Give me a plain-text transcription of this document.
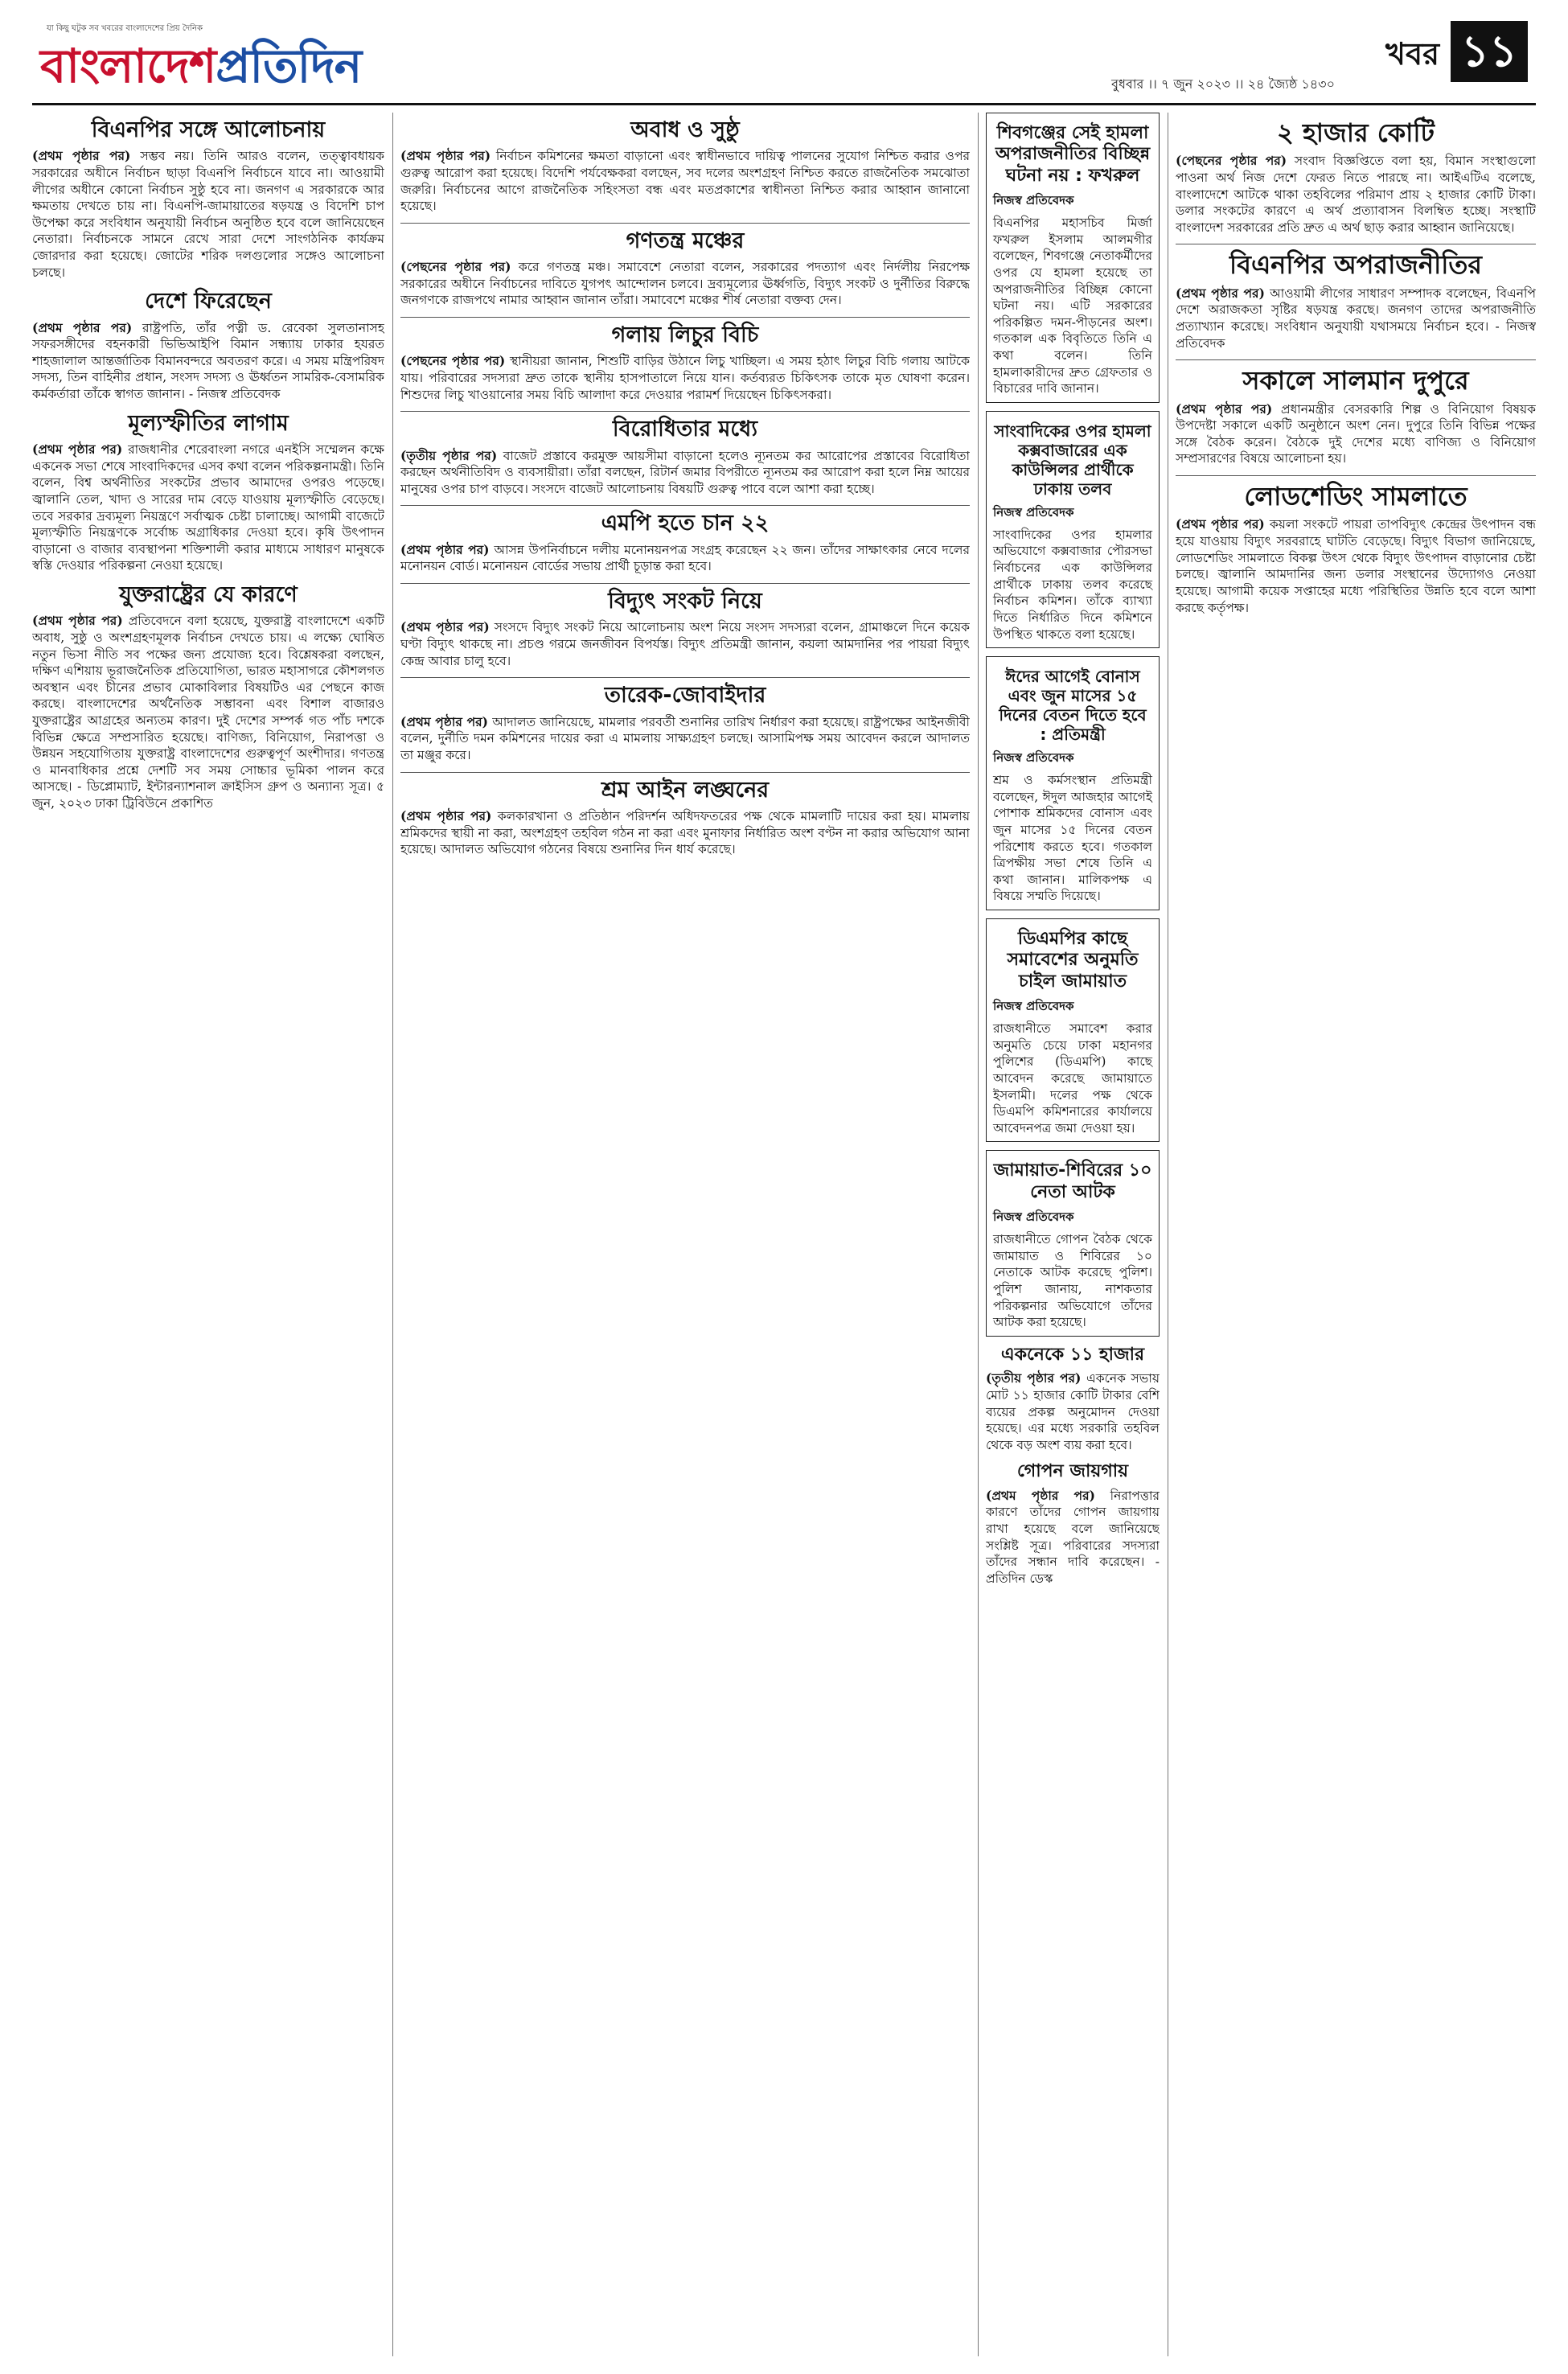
যা কিছু ঘটুক সব খবরের বাংলাদেশের প্রিয় দৈনিক
বাংলাদেশপ্রতিদিন	বুধবার ।। ৭ জুন ২০২৩ ।। ২৪ জ্যৈষ্ঠ ১৪৩০
খবর ১১
বিএনপির সঙ্গে আলোচনায়

(প্রথম পৃষ্ঠার পর) সম্ভব নয়। তিনি আরও বলেন, তত্ত্বাবধায়ক সরকারের অধীনে নির্বাচন ছাড়া বিএনপি নির্বাচনে যাবে না। আওয়ামী লীগের অধীনে কোনো নির্বাচন সুষ্ঠু হবে না। জনগণ এ সরকারকে আর ক্ষমতায় দেখতে চায় না। বিএনপি-জামায়াতের ষড়যন্ত্র ও বিদেশি চাপ উপেক্ষা করে সংবিধান অনুযায়ী নির্বাচন অনুষ্ঠিত হবে বলে জানিয়েছেন নেতারা। নির্বাচনকে সামনে রেখে সারা দেশে সাংগঠনিক কার্যক্রম জোরদার করা হয়েছে। জোটের শরিক দলগুলোর সঙ্গেও আলোচনা চলছে।

দেশে ফিরেছেন

(প্রথম পৃষ্ঠার পর) রাষ্ট্রপতি, তাঁর পত্নী ড. রেবেকা সুলতানাসহ সফরসঙ্গীদের বহনকারী ভিভিআইপি বিমান সন্ধ্যায় ঢাকার হযরত শাহজালাল আন্তর্জাতিক বিমানবন্দরে অবতরণ করে। এ সময় মন্ত্রিপরিষদ সদস্য, তিন বাহিনীর প্রধান, সংসদ সদস্য ও ঊর্ধ্বতন সামরিক-বেসামরিক কর্মকর্তারা তাঁকে স্বাগত জানান। - নিজস্ব প্রতিবেদক

মূল্যস্ফীতির লাগাম

(প্রথম পৃষ্ঠার পর) রাজধানীর শেরেবাংলা নগরে এনইসি সম্মেলন কক্ষে একনেক সভা শেষে সাংবাদিকদের এসব কথা বলেন পরিকল্পনামন্ত্রী। তিনি বলেন, বিশ্ব অর্থনীতির সংকটের প্রভাব আমাদের ওপরও পড়েছে। জ্বালানি তেল, খাদ্য ও সারের দাম বেড়ে যাওয়ায় মূল্যস্ফীতি বেড়েছে। তবে সরকার দ্রব্যমূল্য নিয়ন্ত্রণে সর্বাত্মক চেষ্টা চালাচ্ছে। আগামী বাজেটে মূল্যস্ফীতি নিয়ন্ত্রণকে সর্বোচ্চ অগ্রাধিকার দেওয়া হবে। কৃষি উৎপাদন বাড়ানো ও বাজার ব্যবস্থাপনা শক্তিশালী করার মাধ্যমে সাধারণ মানুষকে স্বস্তি দেওয়ার পরিকল্পনা নেওয়া হয়েছে।

যুক্তরাষ্ট্রের যে কারণে

(প্রথম পৃষ্ঠার পর) প্রতিবেদনে বলা হয়েছে, যুক্তরাষ্ট্র বাংলাদেশে একটি অবাধ, সুষ্ঠু ও অংশগ্রহণমূলক নির্বাচন দেখতে চায়। এ লক্ষ্যে ঘোষিত নতুন ভিসা নীতি সব পক্ষের জন্য প্রযোজ্য হবে। বিশ্লেষকরা বলছেন, দক্ষিণ এশিয়ায় ভূরাজনৈতিক প্রতিযোগিতা, ভারত মহাসাগরে কৌশলগত অবস্থান এবং চীনের প্রভাব মোকাবিলার বিষয়টিও এর পেছনে কাজ করছে। বাংলাদেশের অর্থনৈতিক সম্ভাবনা এবং বিশাল বাজারও যুক্তরাষ্ট্রের আগ্রহের অন্যতম কারণ। দুই দেশের সম্পর্ক গত পাঁচ দশকে বিভিন্ন ক্ষেত্রে সম্প্রসারিত হয়েছে। বাণিজ্য, বিনিয়োগ, নিরাপত্তা ও উন্নয়ন সহযোগিতায় যুক্তরাষ্ট্র বাংলাদেশের গুরুত্বপূর্ণ অংশীদার। গণতন্ত্র ও মানবাধিকার প্রশ্নে দেশটি সব সময় সোচ্চার ভূমিকা পালন করে আসছে। - ডিপ্লোম্যাট, ইন্টারন্যাশনাল ক্রাইসিস গ্রুপ ও অন্যান্য সূত্র। ৫ জুন, ২০২৩ ঢাকা ট্রিবিউনে প্রকাশিত

অবাধ ও সুষ্ঠু

(প্রথম পৃষ্ঠার পর) নির্বাচন কমিশনের ক্ষমতা বাড়ানো এবং স্বাধীনভাবে দায়িত্ব পালনের সুযোগ নিশ্চিত করার ওপর গুরুত্ব আরোপ করা হয়েছে। বিদেশি পর্যবেক্ষকরা বলছেন, সব দলের অংশগ্রহণ নিশ্চিত করতে রাজনৈতিক সমঝোতা জরুরি। নির্বাচনের আগে রাজনৈতিক সহিংসতা বন্ধ এবং মতপ্রকাশের স্বাধীনতা নিশ্চিত করার আহ্বান জানানো হয়েছে।

গণতন্ত্র মঞ্চের

(পেছনের পৃষ্ঠার পর) করে গণতন্ত্র মঞ্চ। সমাবেশে নেতারা বলেন, সরকারের পদত্যাগ এবং নির্দলীয় নিরপেক্ষ সরকারের অধীনে নির্বাচনের দাবিতে যুগপৎ আন্দোলন চলবে। দ্রব্যমূল্যের ঊর্ধ্বগতি, বিদ্যুৎ সংকট ও দুর্নীতির বিরুদ্ধে জনগণকে রাজপথে নামার আহ্বান জানান তাঁরা। সমাবেশে মঞ্চের শীর্ষ নেতারা বক্তব্য দেন।

গলায় লিচুর বিচি

(পেছনের পৃষ্ঠার পর) স্থানীয়রা জানান, শিশুটি বাড়ির উঠানে লিচু খাচ্ছিল। এ সময় হঠাৎ লিচুর বিচি গলায় আটকে যায়। পরিবারের সদস্যরা দ্রুত তাকে স্থানীয় হাসপাতালে নিয়ে যান। কর্তব্যরত চিকিৎসক তাকে মৃত ঘোষণা করেন। শিশুদের লিচু খাওয়ানোর সময় বিচি আলাদা করে দেওয়ার পরামর্শ দিয়েছেন চিকিৎসকরা।

বিরোধিতার মধ্যে

(তৃতীয় পৃষ্ঠার পর) বাজেট প্রস্তাবে করমুক্ত আয়সীমা বাড়ানো হলেও ন্যূনতম কর আরোপের প্রস্তাবের বিরোধিতা করছেন অর্থনীতিবিদ ও ব্যবসায়ীরা। তাঁরা বলছেন, রিটার্ন জমার বিপরীতে ন্যূনতম কর আরোপ করা হলে নিম্ন আয়ের মানুষের ওপর চাপ বাড়বে। সংসদে বাজেট আলোচনায় বিষয়টি গুরুত্ব পাবে বলে আশা করা হচ্ছে।

এমপি হতে চান ২২

(প্রথম পৃষ্ঠার পর) আসন্ন উপনির্বাচনে দলীয় মনোনয়নপত্র সংগ্রহ করেছেন ২২ জন। তাঁদের সাক্ষাৎকার নেবে দলের মনোনয়ন বোর্ড। মনোনয়ন বোর্ডের সভায় প্রার্থী চূড়ান্ত করা হবে।

বিদ্যুৎ সংকট নিয়ে

(প্রথম পৃষ্ঠার পর) সংসদে বিদ্যুৎ সংকট নিয়ে আলোচনায় অংশ নিয়ে সংসদ সদস্যরা বলেন, গ্রামাঞ্চলে দিনে কয়েক ঘণ্টা বিদ্যুৎ থাকছে না। প্রচণ্ড গরমে জনজীবন বিপর্যস্ত। বিদ্যুৎ প্রতিমন্ত্রী জানান, কয়লা আমদানির পর পায়রা বিদ্যুৎ কেন্দ্র আবার চালু হবে।

তারেক-জোবাইদার

(প্রথম পৃষ্ঠার পর) আদালত জানিয়েছে, মামলার পরবর্তী শুনানির তারিখ নির্ধারণ করা হয়েছে। রাষ্ট্রপক্ষের আইনজীবী বলেন, দুর্নীতি দমন কমিশনের দায়ের করা এ মামলায় সাক্ষ্যগ্রহণ চলছে। আসামিপক্ষ সময় আবেদন করলে আদালত তা মঞ্জুর করে।

শ্রম আইন লঙ্ঘনের

(প্রথম পৃষ্ঠার পর) কলকারখানা ও প্রতিষ্ঠান পরিদর্শন অধিদফতরের পক্ষ থেকে মামলাটি দায়ের করা হয়। মামলায় শ্রমিকদের স্থায়ী না করা, অংশগ্রহণ তহবিল গঠন না করা এবং মুনাফার নির্ধারিত অংশ বণ্টন না করার অভিযোগ আনা হয়েছে। আদালত অভিযোগ গঠনের বিষয়ে শুনানির দিন ধার্য করেছে।

শিবগঞ্জের সেই হামলা অপরাজনীতির বিচ্ছিন্ন ঘটনা নয় : ফখরুল
নিজস্ব প্রতিবেদক

বিএনপির মহাসচিব মির্জা ফখরুল ইসলাম আলমগীর বলেছেন, শিবগঞ্জে নেতাকর্মীদের ওপর যে হামলা হয়েছে তা অপরাজনীতির বিচ্ছিন্ন কোনো ঘটনা নয়। এটি সরকারের পরিকল্পিত দমন-পীড়নের অংশ। গতকাল এক বিবৃতিতে তিনি এ কথা বলেন। তিনি হামলাকারীদের দ্রুত গ্রেফতার ও বিচারের দাবি জানান।

সাংবাদিকের ওপর হামলা কক্সবাজারের এক কাউন্সিলর প্রার্থীকে ঢাকায় তলব
নিজস্ব প্রতিবেদক

সাংবাদিকের ওপর হামলার অভিযোগে কক্সবাজার পৌরসভা নির্বাচনের এক কাউন্সিলর প্রার্থীকে ঢাকায় তলব করেছে নির্বাচন কমিশন। তাঁকে ব্যাখ্যা দিতে নির্ধারিত দিনে কমিশনে উপস্থিত থাকতে বলা হয়েছে।

ঈদের আগেই বোনাস এবং জুন মাসের ১৫ দিনের বেতন দিতে হবে : প্রতিমন্ত্রী
নিজস্ব প্রতিবেদক

শ্রম ও কর্মসংস্থান প্রতিমন্ত্রী বলেছেন, ঈদুল আজহার আগেই পোশাক শ্রমিকদের বোনাস এবং জুন মাসের ১৫ দিনের বেতন পরিশোধ করতে হবে। গতকাল ত্রিপক্ষীয় সভা শেষে তিনি এ কথা জানান। মালিকপক্ষ এ বিষয়ে সম্মতি দিয়েছে।

ডিএমপির কাছে সমাবেশের অনুমতি চাইল জামায়াত
নিজস্ব প্রতিবেদক

রাজধানীতে সমাবেশ করার অনুমতি চেয়ে ঢাকা মহানগর পুলিশের (ডিএমপি) কাছে আবেদন করেছে জামায়াতে ইসলামী। দলের পক্ষ থেকে ডিএমপি কমিশনারের কার্যালয়ে আবেদনপত্র জমা দেওয়া হয়।

জামায়াত-শিবিরের ১০ নেতা আটক
নিজস্ব প্রতিবেদক

রাজধানীতে গোপন বৈঠক থেকে জামায়াত ও শিবিরের ১০ নেতাকে আটক করেছে পুলিশ। পুলিশ জানায়, নাশকতার পরিকল্পনার অভিযোগে তাঁদের আটক করা হয়েছে।

একনেকে ১১ হাজার

(তৃতীয় পৃষ্ঠার পর) একনেক সভায় মোট ১১ হাজার কোটি টাকার বেশি ব্যয়ের প্রকল্প অনুমোদন দেওয়া হয়েছে। এর মধ্যে সরকারি তহবিল থেকে বড় অংশ ব্যয় করা হবে।

গোপন জায়গায়

(প্রথম পৃষ্ঠার পর) নিরাপত্তার কারণে তাঁদের গোপন জায়গায় রাখা হয়েছে বলে জানিয়েছে সংশ্লিষ্ট সূত্র। পরিবারের সদস্যরা তাঁদের সন্ধান দাবি করেছেন। - প্রতিদিন ডেস্ক

২ হাজার কোটি

(পেছনের পৃষ্ঠার পর) সংবাদ বিজ্ঞপ্তিতে বলা হয়, বিমান সংস্থাগুলো পাওনা অর্থ নিজ দেশে ফেরত নিতে পারছে না। আইএটিএ বলেছে, বাংলাদেশে আটকে থাকা তহবিলের পরিমাণ প্রায় ২ হাজার কোটি টাকা। ডলার সংকটের কারণে এ অর্থ প্রত্যাবাসন বিলম্বিত হচ্ছে। সংস্থাটি বাংলাদেশ সরকারের প্রতি দ্রুত এ অর্থ ছাড় করার আহ্বান জানিয়েছে।

বিএনপির অপরাজনীতির

(প্রথম পৃষ্ঠার পর) আওয়ামী লীগের সাধারণ সম্পাদক বলেছেন, বিএনপি দেশে অরাজকতা সৃষ্টির ষড়যন্ত্র করছে। জনগণ তাদের অপরাজনীতি প্রত্যাখ্যান করেছে। সংবিধান অনুযায়ী যথাসময়ে নির্বাচন হবে। - নিজস্ব প্রতিবেদক

সকালে সালমান দুপুরে

(প্রথম পৃষ্ঠার পর) প্রধানমন্ত্রীর বেসরকারি শিল্প ও বিনিয়োগ বিষয়ক উপদেষ্টা সকালে একটি অনুষ্ঠানে অংশ নেন। দুপুরে তিনি বিভিন্ন পক্ষের সঙ্গে বৈঠক করেন। বৈঠকে দুই দেশের মধ্যে বাণিজ্য ও বিনিয়োগ সম্প্রসারণের বিষয়ে আলোচনা হয়।

লোডশেডিং সামলাতে

(প্রথম পৃষ্ঠার পর) কয়লা সংকটে পায়রা তাপবিদ্যুৎ কেন্দ্রের উৎপাদন বন্ধ হয়ে যাওয়ায় বিদ্যুৎ সরবরাহে ঘাটতি বেড়েছে। বিদ্যুৎ বিভাগ জানিয়েছে, লোডশেডিং সামলাতে বিকল্প উৎস থেকে বিদ্যুৎ উৎপাদন বাড়ানোর চেষ্টা চলছে। জ্বালানি আমদানির জন্য ডলার সংস্থানের উদ্যোগও নেওয়া হয়েছে। আগামী কয়েক সপ্তাহের মধ্যে পরিস্থিতির উন্নতি হবে বলে আশা করছে কর্তৃপক্ষ।
